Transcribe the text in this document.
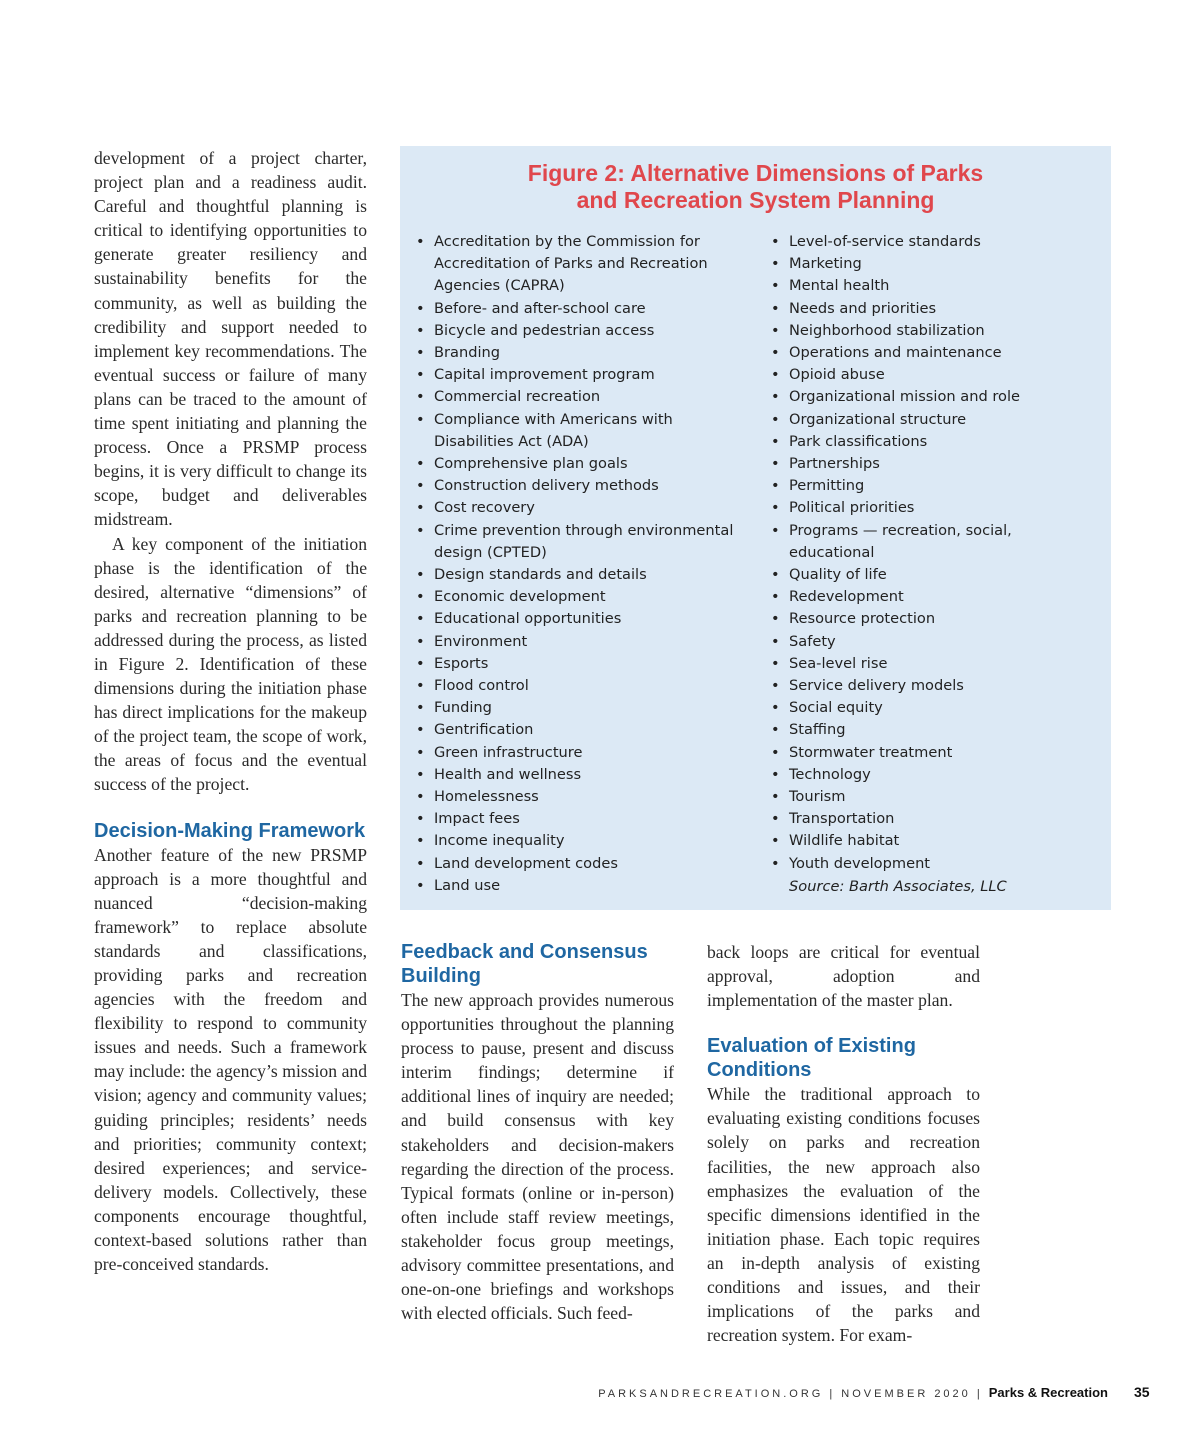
development of a project charter, project plan and a readiness audit. Careful and thoughtful planning is critical to identifying opportunities to generate greater resiliency and sustainability benefits for the community, as well as building the credibility and support needed to implement key recommendations. The eventual success or failure of many plans can be traced to the amount of time spent initiating and planning the process. Once a PRSMP process begins, it is very difficult to change its scope, budget and deliverables midstream.

A key component of the initiation phase is the identification of the desired, alternative “dimensions” of parks and recreation planning to be addressed during the process, as listed in Figure 2. Identification of these dimensions during the initiation phase has direct implications for the makeup of the project team, the scope of work, the areas of focus and the eventual success of the project.

Decision-Making Framework

Another feature of the new PRSMP approach is a more thoughtful and nuanced “decision-making framework” to replace absolute standards and classifications, providing parks and recreation agencies with the freedom and flexibility to respond to community issues and needs. Such a framework may include: the agency’s mission and vision; agency and community values; guiding principles; residents’ needs and priorities; community context; desired experiences; and service-delivery models. Collectively, these components encourage thoughtful, context-based solutions rather than pre-conceived standards.

Figure 2: Alternative Dimensions of Parks
and Recreation System Planning
• Accreditation by the Commission for Accreditation of Parks and Recreation Agencies (CAPRA)
• Before- and after-school care
• Bicycle and pedestrian access
• Branding
• Capital improvement program
• Commercial recreation
• Compliance with Americans with Disabilities Act (ADA)
• Comprehensive plan goals
• Construction delivery methods
• Cost recovery
• Crime prevention through environmental design (CPTED)
• Design standards and details
• Economic development
• Educational opportunities
• Environment
• Esports
• Flood control
• Funding
• Gentrification
• Green infrastructure
• Health and wellness
• Homelessness
• Impact fees
• Income inequality
• Land development codes
• Land use
• Level-of-service standards
• Marketing
• Mental health
• Needs and priorities
• Neighborhood stabilization
• Operations and maintenance
• Opioid abuse
• Organizational mission and role
• Organizational structure
• Park classifications
• Partnerships
• Permitting
• Political priorities
• Programs — recreation, social, educational
• Quality of life
• Redevelopment
• Resource protection
• Safety
• Sea-level rise
• Service delivery models
• Social equity
• Staffing
• Stormwater treatment
• Technology
• Tourism
• Transportation
• Wildlife habitat
• Youth development
Source: Barth Associates, LLC
Feedback and Consensus Building

The new approach provides numerous opportunities throughout the planning process to pause, present and discuss interim findings; determine if additional lines of inquiry are needed; and build consensus with key stakeholders and decision-makers regarding the direction of the process. Typical formats (online or in-person) often include staff review meetings, stakeholder focus group meetings, advisory committee presentations, and one-on-one briefings and workshops with elected officials. Such feed-

back loops are critical for eventual approval, adoption and implementation of the master plan.

Evaluation of Existing Conditions

While the traditional approach to evaluating existing conditions focuses solely on parks and recreation facilities, the new approach also emphasizes the evaluation of the specific dimensions identified in the initiation phase. Each topic requires an in-depth analysis of existing conditions and issues, and their implications of the parks and recreation system. For exam-

PARKSANDRECREATION.ORG | NOVEMBER 2020 | Parks & Recreation 35
